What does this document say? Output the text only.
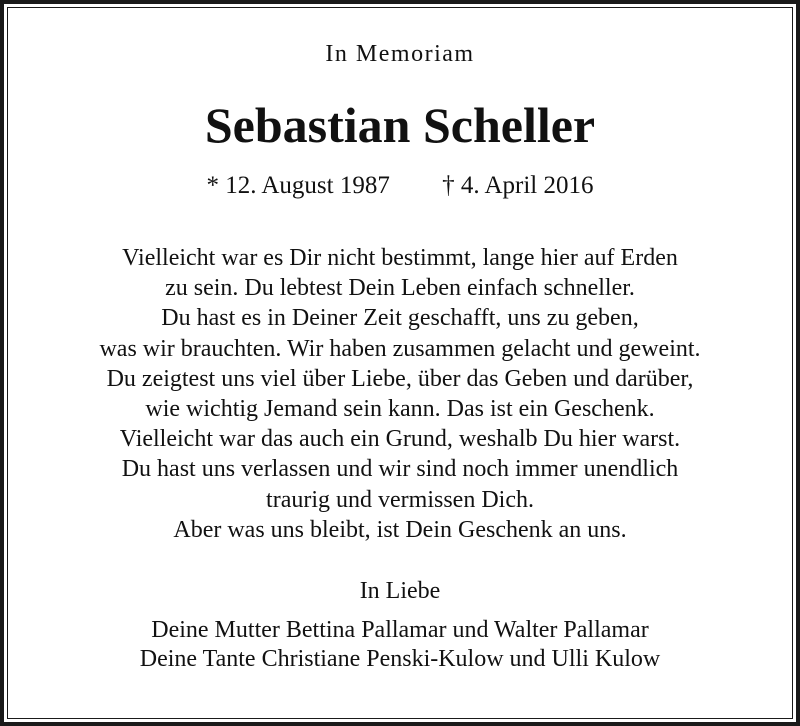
In Memoriam
Sebastian Scheller
* 12. August 1987 † 4. April 2016
Vielleicht war es Dir nicht bestimmt, lange hier auf Erden
zu sein. Du lebtest Dein Leben einfach schneller.
Du hast es in Deiner Zeit geschafft, uns zu geben,
was wir brauchten. Wir haben zusammen gelacht und geweint.
Du zeigtest uns viel über Liebe, über das Geben und darüber,
wie wichtig Jemand sein kann. Das ist ein Geschenk.
Vielleicht war das auch ein Grund, weshalb Du hier warst.
Du hast uns verlassen und wir sind noch immer unendlich
traurig und vermissen Dich.
Aber was uns bleibt, ist Dein Geschenk an uns.
In Liebe
Deine Mutter Bettina Pallamar und Walter Pallamar
Deine Tante Christiane Penski-Kulow und Ulli Kulow
